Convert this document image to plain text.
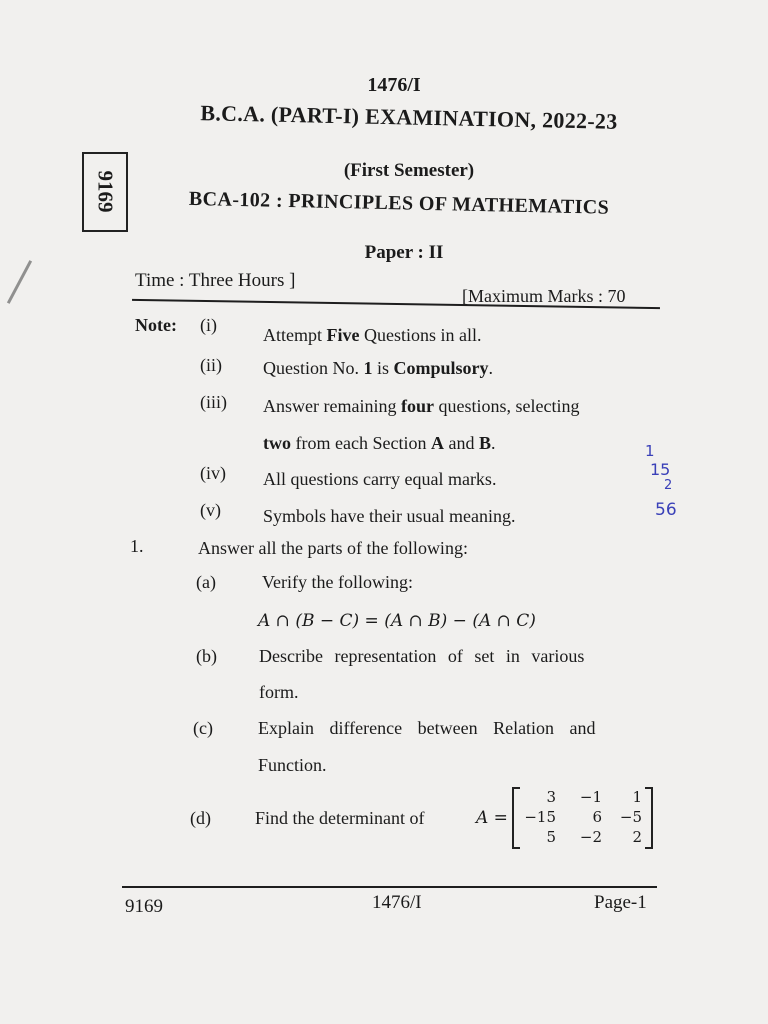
1476/I
B.C.A. (PART-I) EXAMINATION, 2022-23
(First Semester)
BCA-102 : PRINCIPLES OF MATHEMATICS
Paper : II
9169
Time : Three Hours ]
[Maximum Marks : 70
Note: (i)	Attempt Five Questions in all.
(ii) Question No. 1 is Compulsory.
(iii) Answer remaining four questions, selecting
two from each Section A and B.
(iv) All questions carry equal marks.
(v) Symbols have their usual meaning.
1.	Answer all the parts of the following:
(a)	Verify the following:
A ∩ (B − C) = (A ∩ B) − (A ∩ C)
(b) Describe representation of set in various
form.
(c)	Explain difference between Relation and
Function.
(d) Find the determinant of	A =
3	−1	1
−15	6	−5
5	−2	2
1
15
2
56
9169	1476/I	Page-1
